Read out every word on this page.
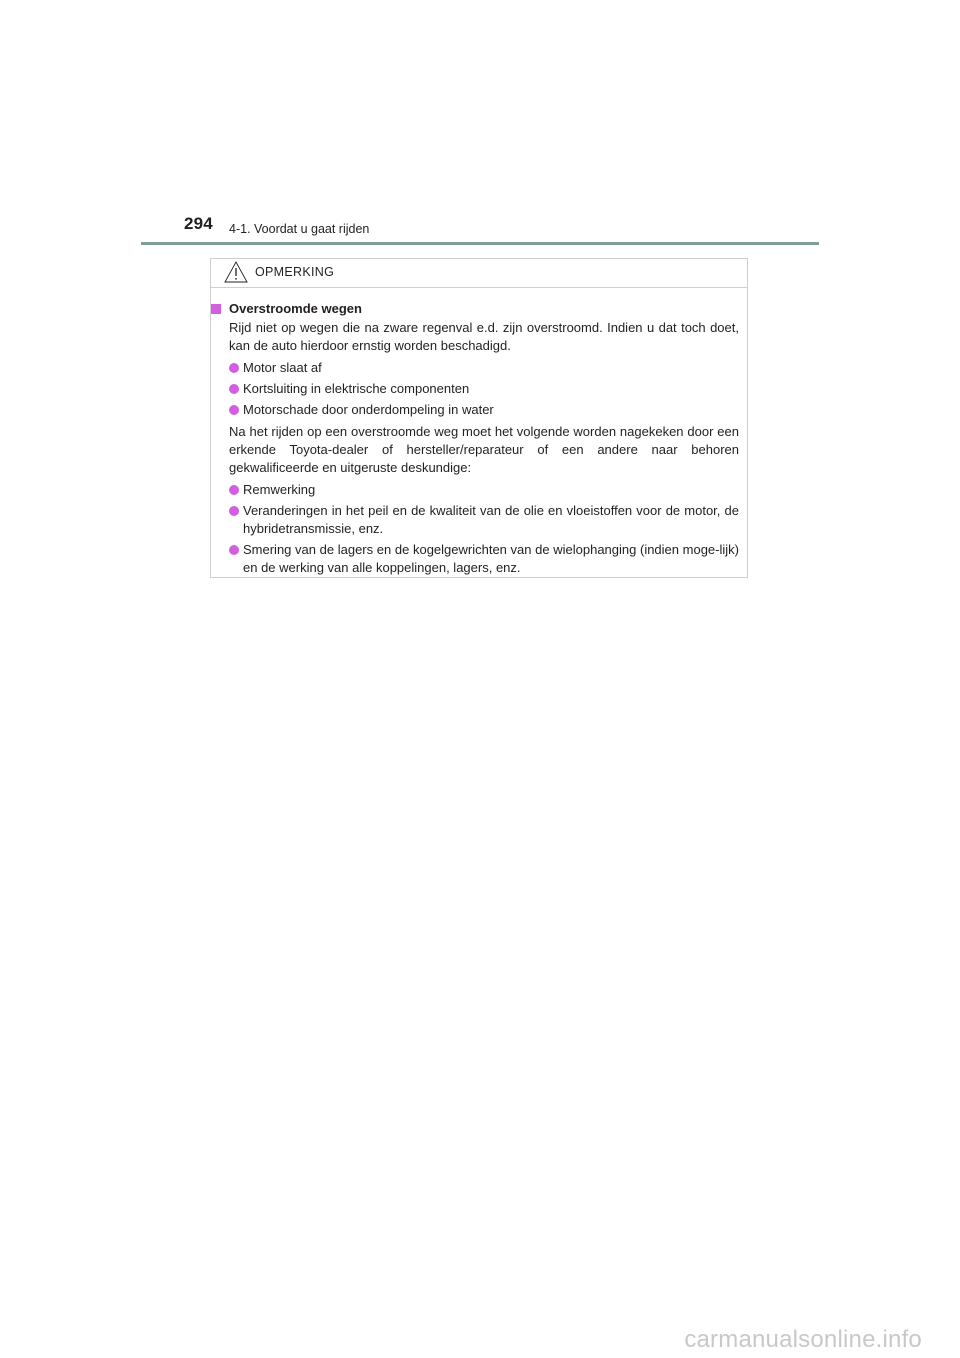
294 4-1. Voordat u gaat rijden
OPMERKING
Overstroomde wegen

Rijd niet op wegen die na zware regenval e.d. zijn overstroomd. Indien u dat toch doet, kan de auto hierdoor ernstig worden beschadigd.

Motor slaat af
Kortsluiting in elektrische componenten
Motorschade door onderdompeling in water

Na het rijden op een overstroomde weg moet het volgende worden nagekeken door een erkende Toyota-dealer of hersteller/reparateur of een andere naar behoren gekwalificeerde en uitgeruste deskundige:

Remwerking
Veranderingen in het peil en de kwaliteit van de olie en vloeistoffen voor de motor, de hybridetransmissie, enz.
Smering van de lagers en de kogelgewrichten van de wielophanging (indien moge-lijk) en de werking van alle koppelingen, lagers, enz.
carmanualsonline.info
